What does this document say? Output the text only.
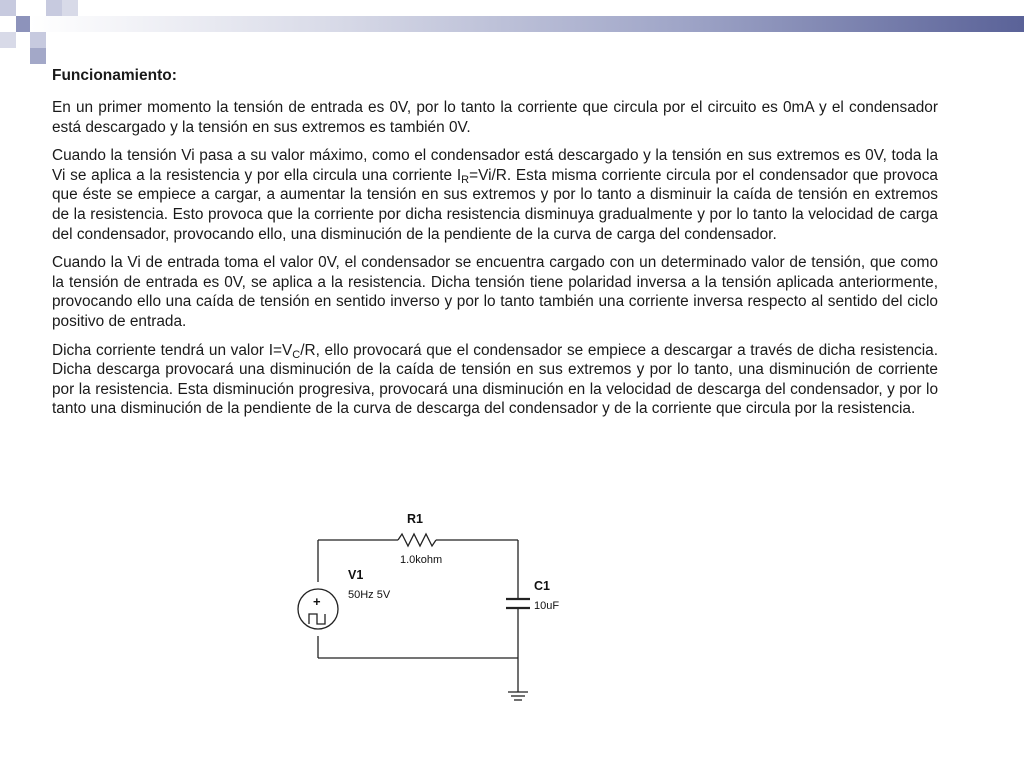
Funcionamiento:

En un primer momento la tensión de entrada es 0V, por lo tanto la corriente que circula por el circuito es 0mA y el condensador está descargado y la tensión en sus extremos es también 0V.

Cuando la tensión Vi pasa a su valor máximo, como el condensador está descargado y la tensión en sus extremos es 0V, toda la Vi se aplica a la resistencia y por ella circula una corriente $I_R=Vi/R$. Esta misma corriente circula por el condensador que provoca que éste se empiece a cargar, a aumentar la tensión en sus extremos y por lo tanto a disminuir la caída de tensión en extremos de la resistencia. Esto provoca que la corriente por dicha resistencia disminuya gradualmente y por lo tanto la velocidad de carga del condensador, provocando ello, una disminución de la pendiente de la curva de carga del condensador.

Cuando la Vi de entrada toma el valor 0V, el condensador se encuentra cargado con un determinado valor de tensión, que como la tensión de entrada es 0V, se aplica a la resistencia. Dicha tensión tiene polaridad inversa a la tensión aplicada anteriormente, provocando ello una caída de tensión en sentido inverso y por lo tanto también una corriente inversa respecto al sentido del ciclo positivo de entrada.

Dicha corriente tendrá un valor $I=V_C/R$, ello provocará que el condensador se empiece a descargar a través de dicha resistencia. Dicha descarga provocará una disminución de la caída de tensión en sus extremos y por lo tanto, una disminución de corriente por la resistencia. Esta disminución progresiva, provocará una disminución en la velocidad de descarga del condensador, y por lo tanto una disminución de la pendiente de la curva de descarga del condensador y de la corriente que circula por la resistencia.

+
R1
1.0kohm
V1
50Hz 5V
C1
10uF
